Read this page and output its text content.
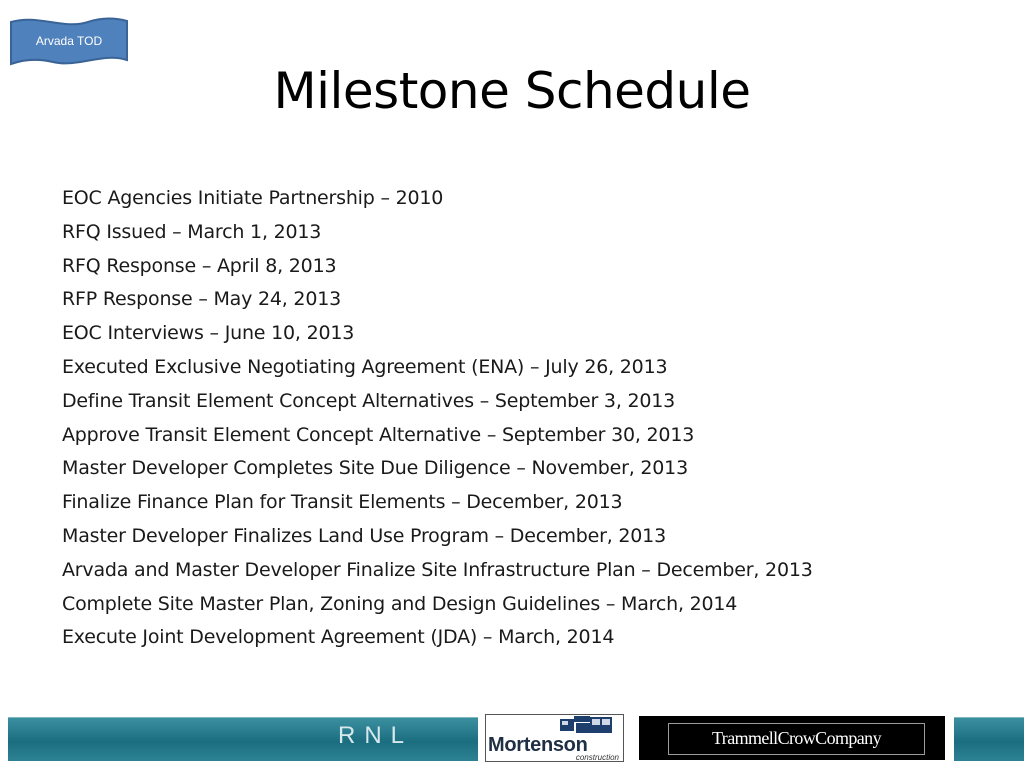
Arvada TOD
Milestone Schedule
EOC Agencies Initiate Partnership – 2010
RFQ Issued – March 1, 2013
RFQ Response – April 8, 2013
RFP Response – May 24, 2013
EOC Interviews – June 10, 2013
Executed Exclusive Negotiating Agreement (ENA) – July 26, 2013
Define Transit Element Concept Alternatives – September 3, 2013
Approve Transit Element Concept Alternative – September 30, 2013
Master Developer Completes Site Due Diligence – November, 2013
Finalize Finance Plan for Transit Elements – December, 2013
Master Developer Finalizes Land Use Program – December, 2013
Arvada and Master Developer Finalize Site Infrastructure Plan – December, 2013
Complete Site Master Plan, Zoning and Design Guidelines – March, 2014
Execute Joint Development Agreement (JDA) – March, 2014
RNL	Mortenson
construction
TrammellCrowCompany
